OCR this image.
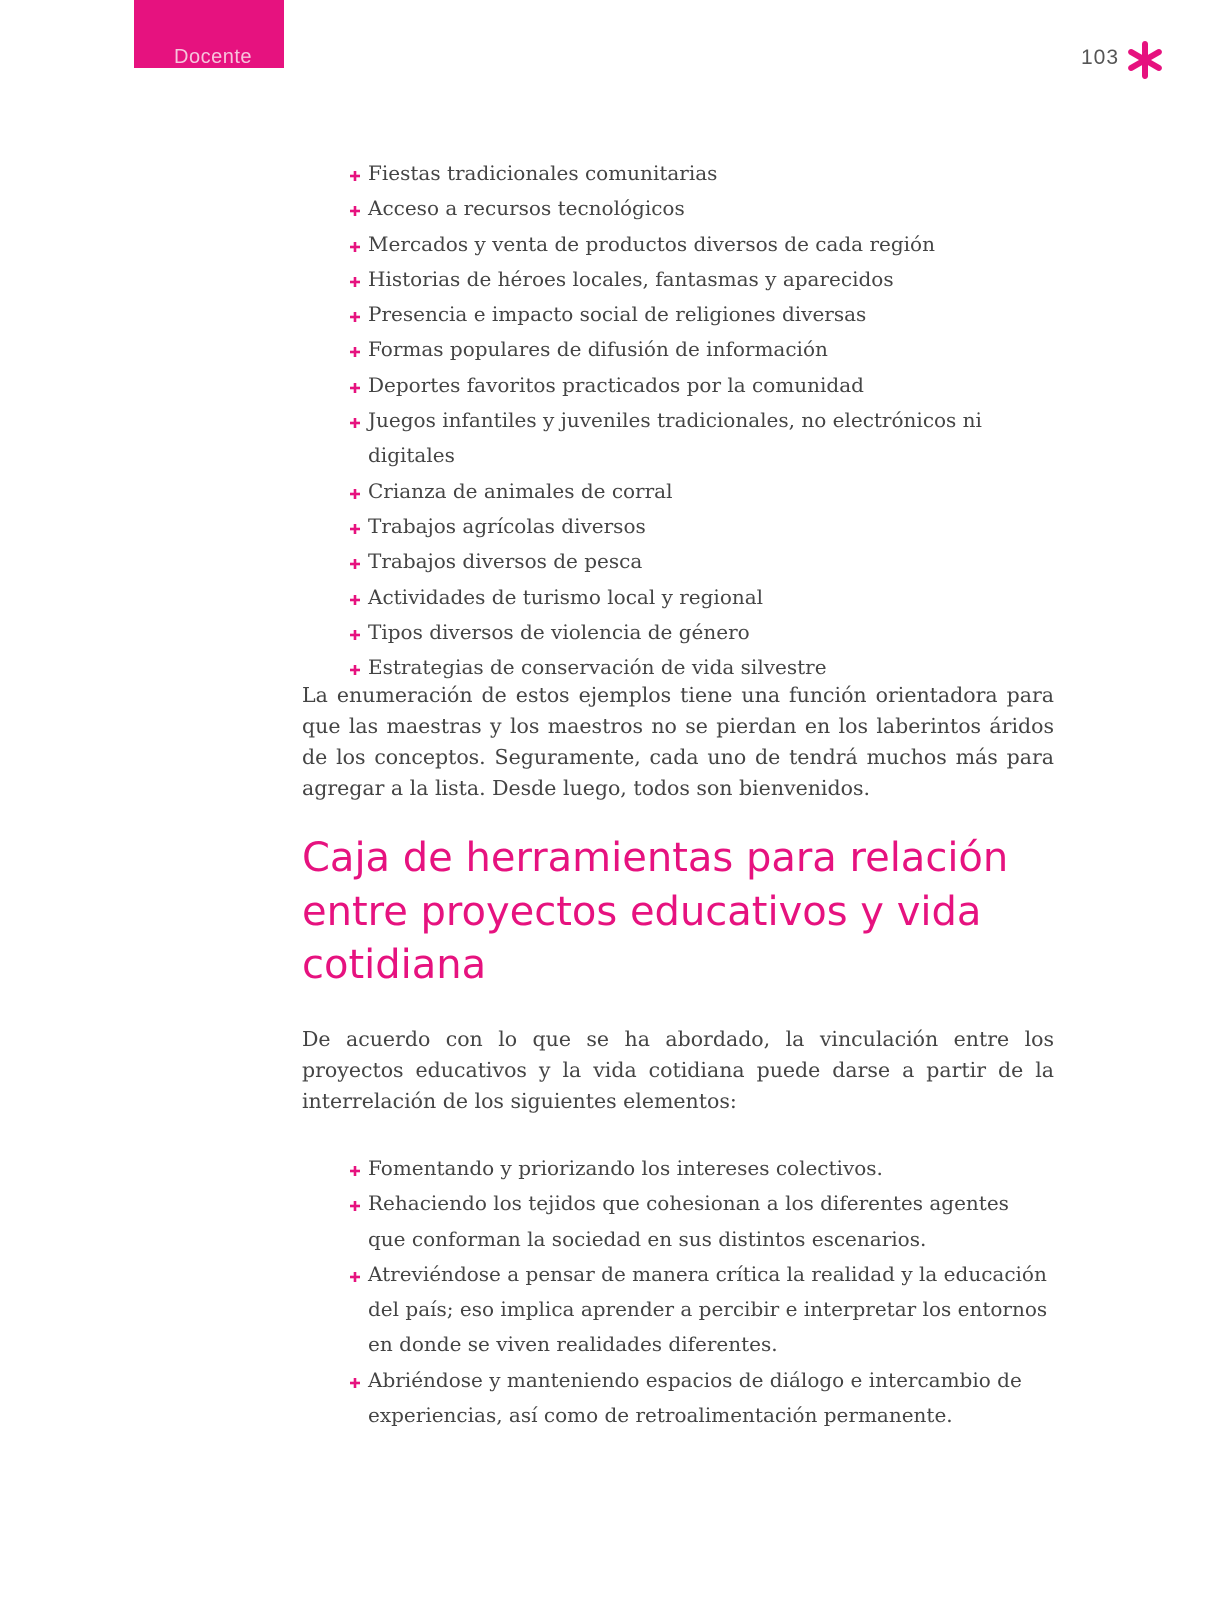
Docente	103
Fiestas tradicionales comunitarias
Acceso a recursos tecnológicos
Mercados y venta de productos diversos de cada región
Historias de héroes locales, fantasmas y aparecidos
Presencia e impacto social de religiones diversas
Formas populares de difusión de información
Deportes favoritos practicados por la comunidad
Juegos infantiles y juveniles tradicionales, no electrónicos ni digitales
Crianza de animales de corral
Trabajos agrícolas diversos
Trabajos diversos de pesca
Actividades de turismo local y regional
Tipos diversos de violencia de género
Estrategias de conservación de vida silvestre

La enumeración de estos ejemplos tiene una función orientadora para que las maestras y los maestros no se pierdan en los laberintos áridos de los conceptos. Seguramente, cada uno de tendrá muchos más para agregar a la lista. Desde luego, todos son bienvenidos.

Caja de herramientas para relación entre proyectos educativos y vida cotidiana

De acuerdo con lo que se ha abordado, la vinculación entre los proyectos educativos y la vida cotidiana puede darse a partir de la interrelación de los siguientes elementos:

Fomentando y priorizando los intereses colectivos.
Rehaciendo los tejidos que cohesionan a los diferentes agentes que conforman la sociedad en sus distintos escenarios.
Atreviéndose a pensar de manera crítica la realidad y la educación del país; eso implica aprender a percibir e interpretar los entornos en donde se viven realidades diferentes.
Abriéndose y manteniendo espacios de diálogo e intercambio de experiencias, así como de retroalimentación permanente.
